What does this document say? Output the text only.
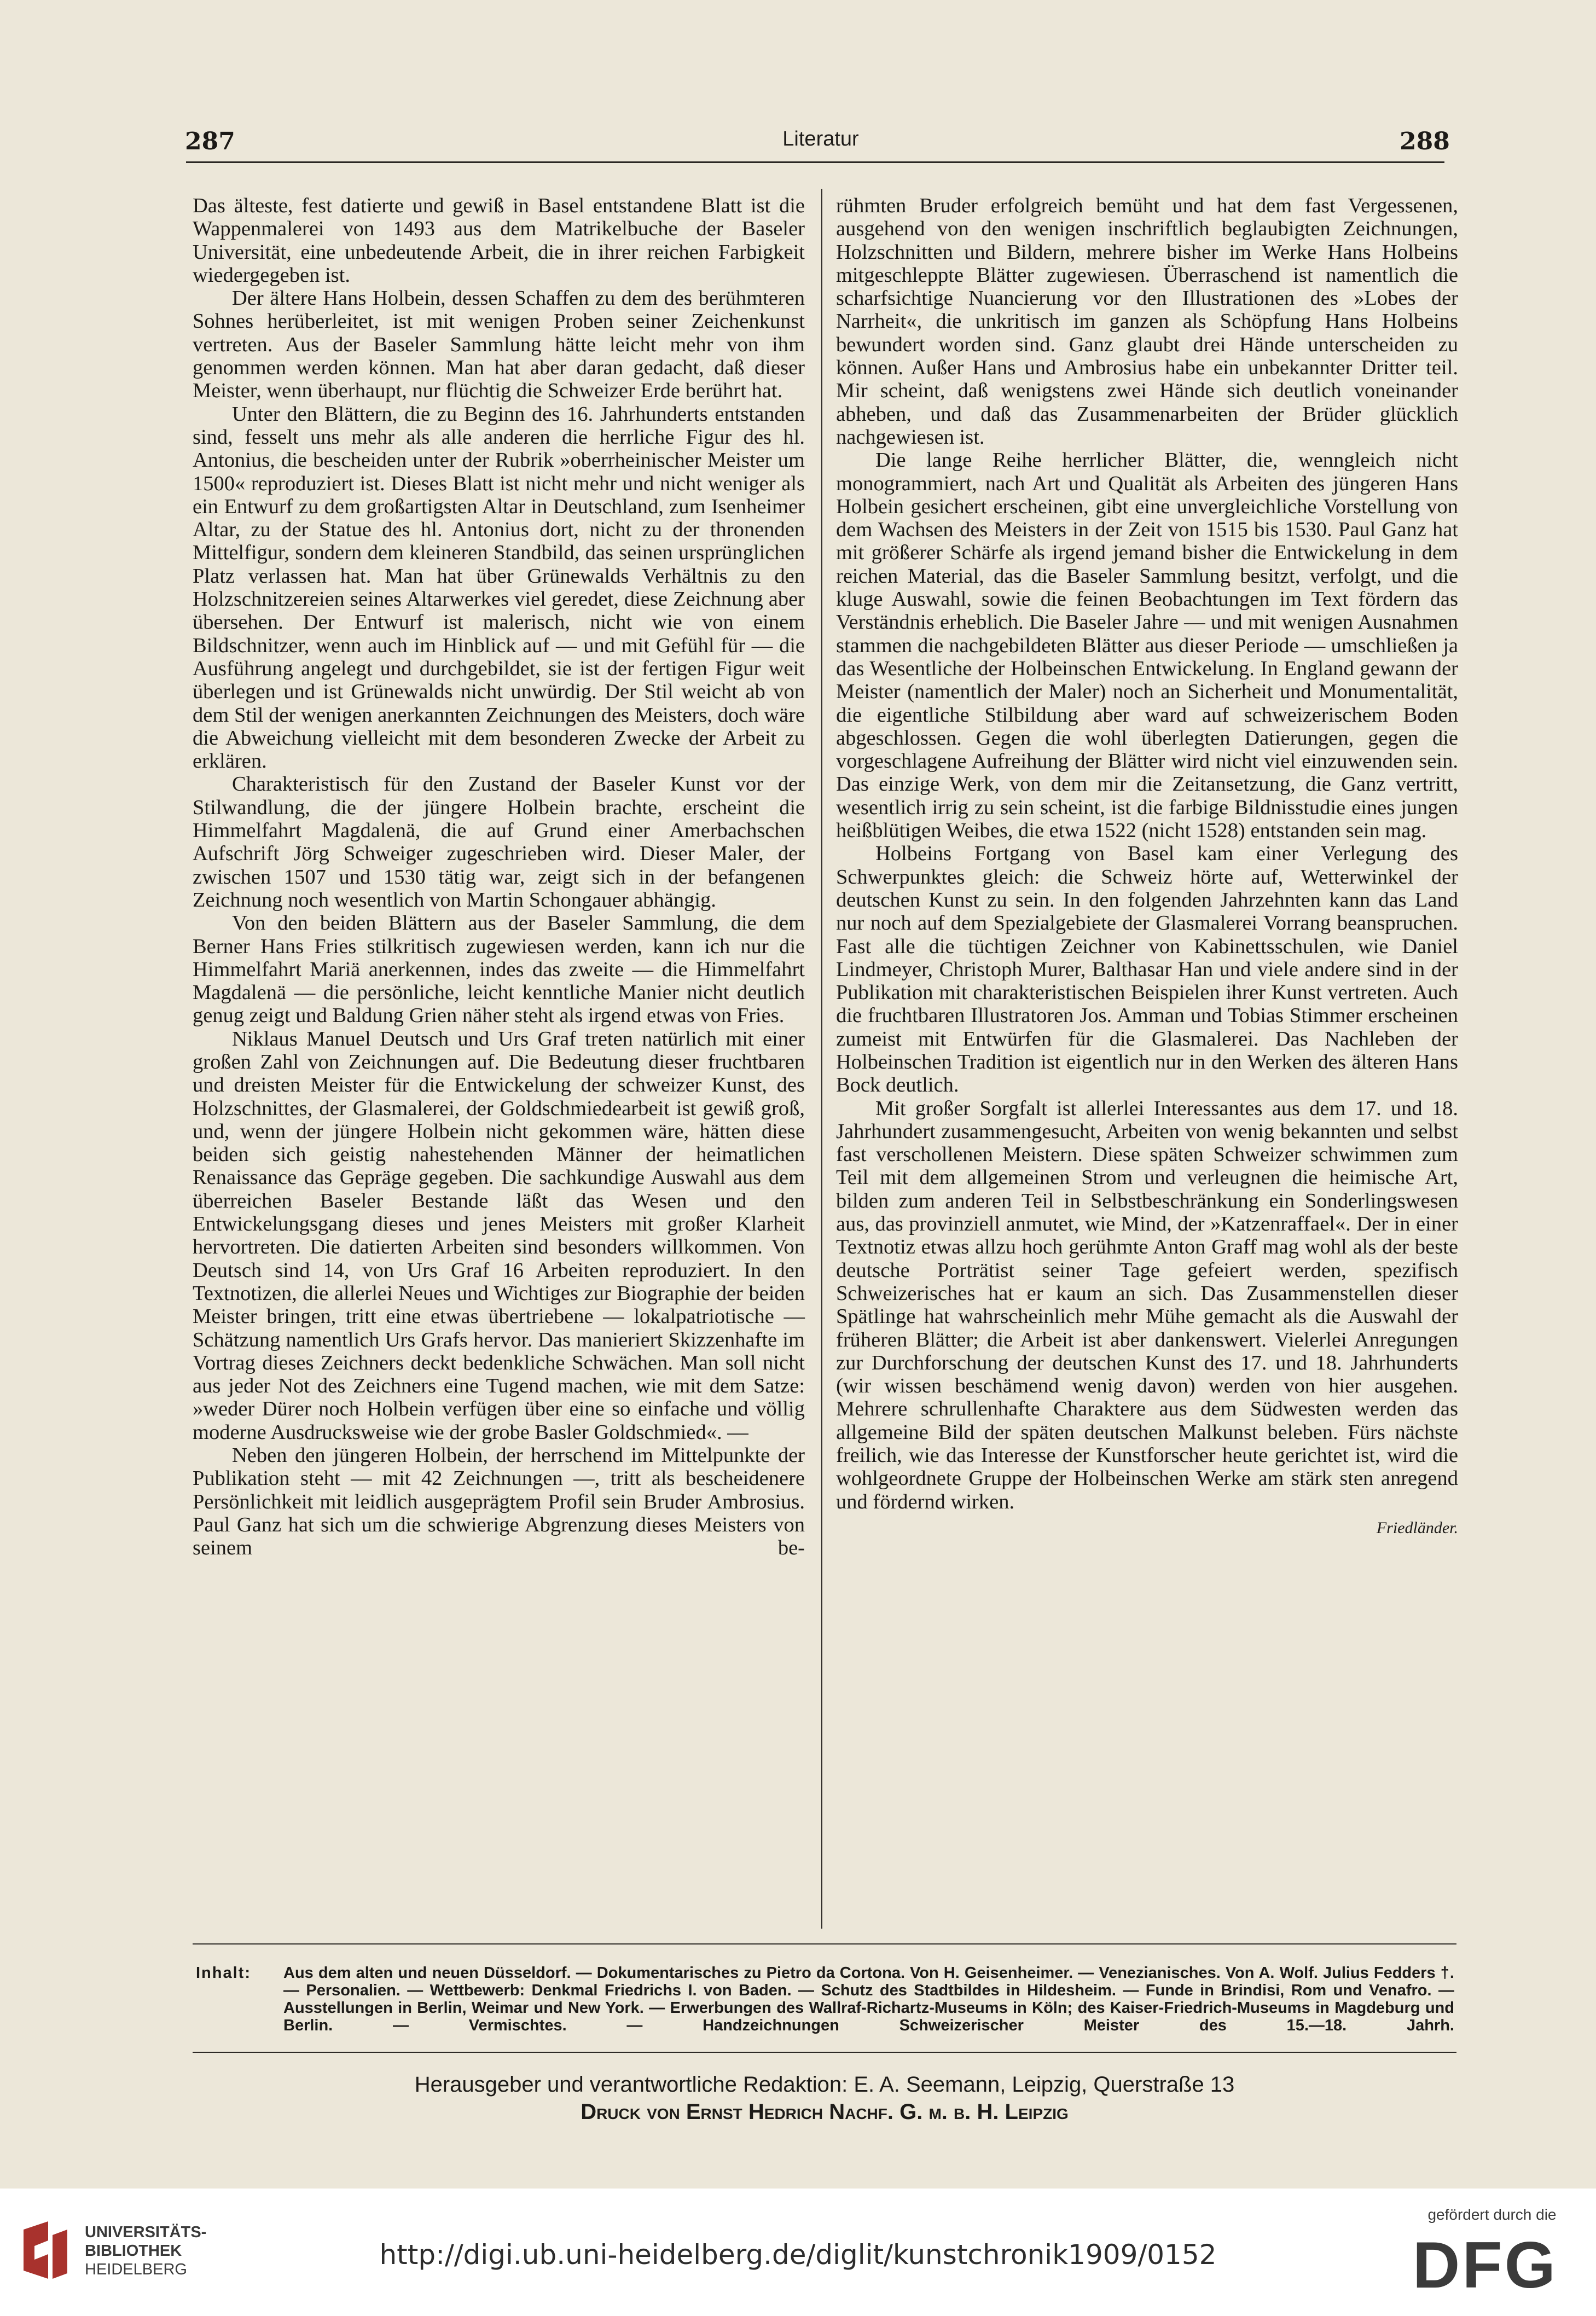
287	Literatur	288

Das älteste, fest datierte und gewiß in Basel entstandene Blatt ist die Wappenmalerei von 1493 aus dem Matrikelbuche der Baseler Universität, eine unbedeutende Arbeit, die in ihrer reichen Farbigkeit wiedergegeben ist.

Der ältere Hans Holbein, dessen Schaffen zu dem des berühmteren Sohnes herüberleitet, ist mit wenigen Proben seiner Zeichenkunst vertreten. Aus der Baseler Sammlung hätte leicht mehr von ihm genommen werden können. Man hat aber daran gedacht, daß dieser Meister, wenn überhaupt, nur flüchtig die Schweizer Erde berührt hat.

Unter den Blättern, die zu Beginn des 16. Jahrhunderts entstanden sind, fesselt uns mehr als alle anderen die herrliche Figur des hl. Antonius, die bescheiden unter der Rubrik »oberrheinischer Meister um 1500« reproduziert ist. Dieses Blatt ist nicht mehr und nicht weniger als ein Entwurf zu dem großartigsten Altar in Deutschland, zum Isenheimer Altar, zu der Statue des hl. Antonius dort, nicht zu der thronenden Mittelfigur, sondern dem kleineren Standbild, das seinen ursprünglichen Platz verlassen hat. Man hat über Grünewalds Verhältnis zu den Holzschnitzereien seines Altarwerkes viel geredet, diese Zeichnung aber übersehen. Der Entwurf ist malerisch, nicht wie von einem Bildschnitzer, wenn auch im Hinblick auf — und mit Gefühl für — die Ausführung angelegt und durchgebildet, sie ist der fertigen Figur weit überlegen und ist Grünewalds nicht unwürdig. Der Stil weicht ab von dem Stil der wenigen anerkannten Zeichnungen des Meisters, doch wäre die Abweichung vielleicht mit dem besonderen Zwecke der Arbeit zu erklären.

Charakteristisch für den Zustand der Baseler Kunst vor der Stilwandlung, die der jüngere Holbein brachte, erscheint die Himmelfahrt Magdalenä, die auf Grund einer Amerbachschen Aufschrift Jörg Schweiger zugeschrieben wird. Dieser Maler, der zwischen 1507 und 1530 tätig war, zeigt sich in der befangenen Zeichnung noch wesentlich von Martin Schongauer abhängig.

Von den beiden Blättern aus der Baseler Sammlung, die dem Berner Hans Fries stilkritisch zugewiesen werden, kann ich nur die Himmelfahrt Mariä anerkennen, indes das zweite — die Himmelfahrt Magdalenä — die persönliche, leicht kenntliche Manier nicht deutlich genug zeigt und Baldung Grien näher steht als irgend etwas von Fries.

Niklaus Manuel Deutsch und Urs Graf treten natürlich mit einer großen Zahl von Zeichnungen auf. Die Bedeutung dieser fruchtbaren und dreisten Meister für die Entwickelung der schweizer Kunst, des Holzschnittes, der Glasmalerei, der Goldschmiedearbeit ist gewiß groß, und, wenn der jüngere Holbein nicht gekommen wäre, hätten diese beiden sich geistig nahestehenden Männer der heimatlichen Renaissance das Gepräge gegeben. Die sachkundige Auswahl aus dem überreichen Baseler Bestande läßt das Wesen und den Entwickelungsgang dieses und jenes Meisters mit großer Klarheit hervortreten. Die datierten Arbeiten sind besonders willkommen. Von Deutsch sind 14, von Urs Graf 16 Arbeiten reproduziert. In den Textnotizen, die allerlei Neues und Wichtiges zur Biographie der beiden Meister bringen, tritt eine etwas übertriebene — lokalpatriotische — Schätzung namentlich Urs Grafs hervor. Das manieriert Skizzenhafte im Vortrag dieses Zeichners deckt bedenkliche Schwächen. Man soll nicht aus jeder Not des Zeichners eine Tugend machen, wie mit dem Satze: »weder Dürer noch Holbein verfügen über eine so einfache und völlig moderne Ausdrucksweise wie der grobe Basler Goldschmied«. —

Neben den jüngeren Holbein, der herrschend im Mittelpunkte der Publikation steht — mit 42 Zeichnungen —, tritt als bescheidenere Persönlichkeit mit leidlich ausgeprägtem Profil sein Bruder Ambrosius. Paul Ganz hat sich um die schwierige Abgrenzung dieses Meisters von seinem be-

rühmten Bruder erfolgreich bemüht und hat dem fast Vergessenen, ausgehend von den wenigen inschriftlich beglaubigten Zeichnungen, Holzschnitten und Bildern, mehrere bisher im Werke Hans Holbeins mitgeschleppte Blätter zugewiesen. Überraschend ist namentlich die scharfsichtige Nuancierung vor den Illustrationen des »Lobes der Narrheit«, die unkritisch im ganzen als Schöpfung Hans Holbeins bewundert worden sind. Ganz glaubt drei Hände unterscheiden zu können. Außer Hans und Ambrosius habe ein unbekannter Dritter teil. Mir scheint, daß wenigstens zwei Hände sich deutlich voneinander abheben, und daß das Zusammenarbeiten der Brüder glücklich nachgewiesen ist.

Die lange Reihe herrlicher Blätter, die, wenngleich nicht monogrammiert, nach Art und Qualität als Arbeiten des jüngeren Hans Holbein gesichert erscheinen, gibt eine unvergleichliche Vorstellung von dem Wachsen des Meisters in der Zeit von 1515 bis 1530. Paul Ganz hat mit größerer Schärfe als irgend jemand bisher die Entwickelung in dem reichen Material, das die Baseler Sammlung besitzt, verfolgt, und die kluge Auswahl, sowie die feinen Beobachtungen im Text fördern das Verständnis erheblich. Die Baseler Jahre — und mit wenigen Ausnahmen stammen die nachgebildeten Blätter aus dieser Periode — umschließen ja das Wesentliche der Holbeinschen Entwickelung. In England gewann der Meister (namentlich der Maler) noch an Sicherheit und Monumentalität, die eigentliche Stilbildung aber ward auf schweizerischem Boden abgeschlossen. Gegen die wohl überlegten Datierungen, gegen die vorgeschlagene Aufreihung der Blätter wird nicht viel einzuwenden sein. Das einzige Werk, von dem mir die Zeitansetzung, die Ganz vertritt, wesentlich irrig zu sein scheint, ist die farbige Bildnisstudie eines jungen heißblütigen Weibes, die etwa 1522 (nicht 1528) entstanden sein mag.

Holbeins Fortgang von Basel kam einer Verlegung des Schwerpunktes gleich: die Schweiz hörte auf, Wetterwinkel der deutschen Kunst zu sein. In den folgenden Jahrzehnten kann das Land nur noch auf dem Spezialgebiete der Glasmalerei Vorrang beanspruchen. Fast alle die tüchtigen Zeichner von Kabinettsschulen, wie Daniel Lindmeyer, Christoph Murer, Balthasar Han und viele andere sind in der Publikation mit charakteristischen Beispielen ihrer Kunst vertreten. Auch die fruchtbaren Illustratoren Jos. Amman und Tobias Stimmer erscheinen zumeist mit Entwürfen für die Glasmalerei. Das Nachleben der Holbeinschen Tradition ist eigentlich nur in den Werken des älteren Hans Bock deutlich.

Mit großer Sorgfalt ist allerlei Interessantes aus dem 17. und 18. Jahrhundert zusammengesucht, Arbeiten von wenig bekannten und selbst fast verschollenen Meistern. Diese späten Schweizer schwimmen zum Teil mit dem allgemeinen Strom und verleugnen die heimische Art, bilden zum anderen Teil in Selbstbeschränkung ein Sonderlingswesen aus, das provinziell anmutet, wie Mind, der »Katzenraffael«. Der in einer Textnotiz etwas allzu hoch gerühmte Anton Graff mag wohl als der beste deutsche Porträtist seiner Tage gefeiert werden, spezifisch Schweizerisches hat er kaum an sich. Das Zusammenstellen dieser Spätlinge hat wahrscheinlich mehr Mühe gemacht als die Auswahl der früheren Blätter; die Arbeit ist aber dankenswert. Vielerlei Anregungen zur Durchforschung der deutschen Kunst des 17. und 18. Jahrhunderts (wir wissen beschämend wenig davon) werden von hier ausgehen. Mehrere schrullenhafte Charaktere aus dem Südwesten werden das allgemeine Bild der späten deutschen Malkunst beleben. Fürs nächste freilich, wie das Interesse der Kunstforscher heute gerichtet ist, wird die wohlgeordnete Gruppe der Holbeinschen Werke am stärk sten anregend und fördernd wirken.

Friedländer.
Inhalt: Aus dem alten und neuen Düsseldorf. — Dokumentarisches zu Pietro da Cortona. Von H. Geisenheimer. — Venezianisches. Von A. Wolf. Julius Fedders †. — Personalien. — Wettbewerb: Denkmal Friedrichs I. von Baden. — Schutz des Stadtbildes in Hildesheim. — Funde in Brindisi, Rom und Venafro. — Ausstellungen in Berlin, Weimar und New York. — Erwerbungen des Wallraf-Richartz-Museums in Köln; des Kaiser-Friedrich-Museums in Magdeburg und Berlin. — Vermischtes. — Handzeichnungen Schweizerischer Meister des 15.—18. Jahrh.
Herausgeber und verantwortliche Redaktion: E. A. Seemann, Leipzig, Querstraße 13
Druck von Ernst Hedrich Nachf. G. m. b. H. Leipzig
UNIVERSITÄTS-
BIBLIOTHEK
HEIDELBERG	http://digi.ub.uni-heidelberg.de/diglit/kunstchronik1909/0152
gefördert durch die
DFG
